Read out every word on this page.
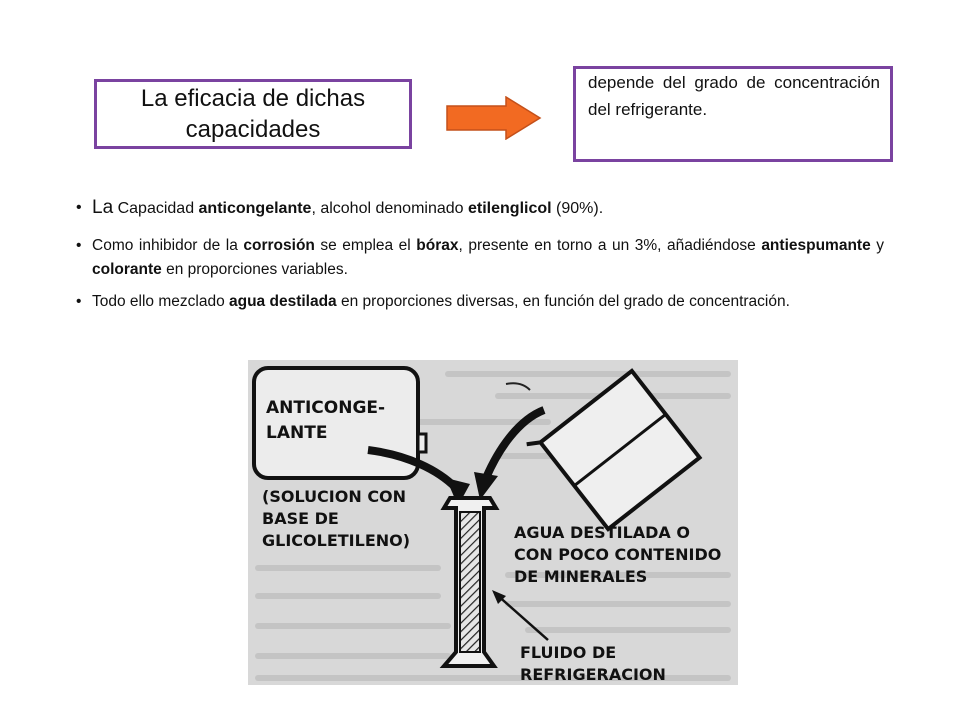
La eficacia de dichas capacidades
depende del grado de concentración del refrigerante.
• La Capacidad anticongelante, alcohol denominado etilenglicol (90%).
• Como inhibidor de la corrosión se emplea el bórax, presente en torno a un 3%, añadiéndose antiespumante y colorante en proporciones variables.
• Todo ello mezclado agua destilada en proporciones diversas, en función del grado de concentración.
ANTICONGE-
LANTE
(SOLUCION CON
BASE DE
GLICOLETILENO)	AGUA DESTILADA O
CON POCO CONTENIDO
DE MINERALES
FLUIDO DE
REFRIGERACION
